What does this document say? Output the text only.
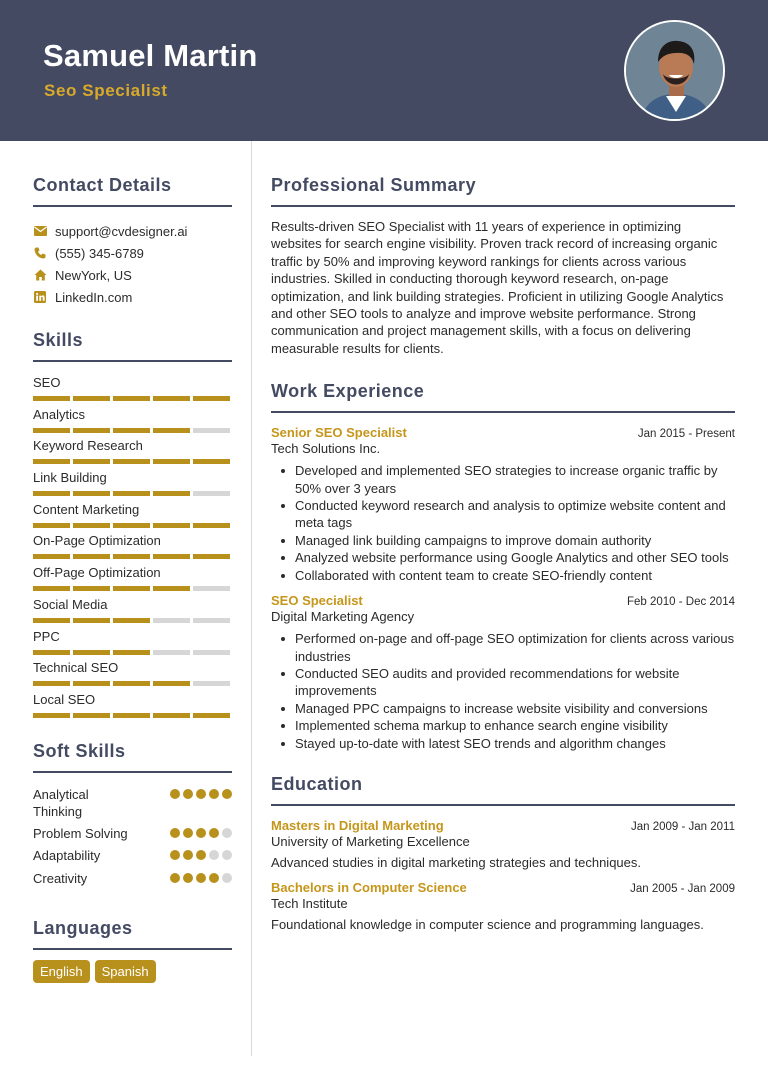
Samuel Martin
Seo Specialist
Contact Details
support@cvdesigner.ai
(555) 345-6789
NewYork, US
LinkedIn.com
Skills
SEO
Analytics
Keyword Research
Link Building
Content Marketing
On-Page Optimization
Off-Page Optimization
Social Media
PPC
Technical SEO
Local SEO
Soft Skills
Analytical Thinking
Problem Solving
Adaptability
Creativity
Languages
English	Spanish
Professional Summary
Results-driven SEO Specialist with 11 years of experience in optimizing websites for search engine visibility. Proven track record of increasing organic traffic by 50% and improving keyword rankings for clients across various industries. Skilled in conducting thorough keyword research, on-page optimization, and link building strategies. Proficient in utilizing Google Analytics and other SEO tools to analyze and improve website performance. Strong communication and project management skills, with a focus on delivering measurable results for clients.
Work Experience
Senior SEO Specialist	Jan 2015 - Present
Tech Solutions Inc.
Developed and implemented SEO strategies to increase organic traffic by 50% over 3 years
Conducted keyword research and analysis to optimize website content and meta tags
Managed link building campaigns to improve domain authority
Analyzed website performance using Google Analytics and other SEO tools
Collaborated with content team to create SEO-friendly content
SEO Specialist	Feb 2010 - Dec 2014
Digital Marketing Agency
Performed on-page and off-page SEO optimization for clients across various industries
Conducted SEO audits and provided recommendations for website improvements
Managed PPC campaigns to increase website visibility and conversions
Implemented schema markup to enhance search engine visibility
Stayed up-to-date with latest SEO trends and algorithm changes
Education
Masters in Digital Marketing	Jan 2009 - Jan 2011
University of Marketing Excellence
Advanced studies in digital marketing strategies and techniques.
Bachelors in Computer Science	Jan 2005 - Jan 2009
Tech Institute
Foundational knowledge in computer science and programming languages.
